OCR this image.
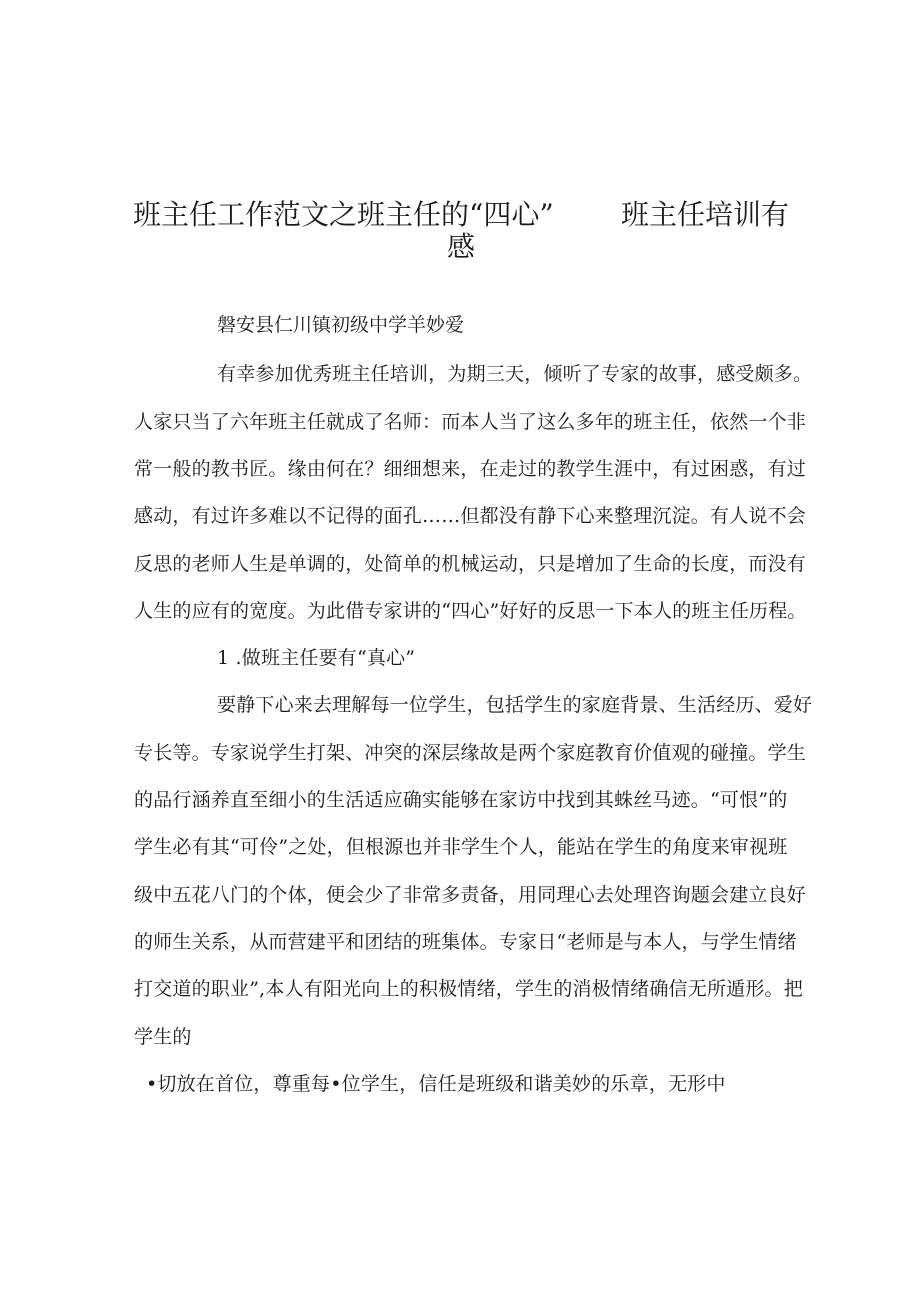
班主任工作范文之班主任的“四心” 班主任培训有
感
磐安县仁川镇初级中学羊妙爱
有幸参加优秀班主任培训，为期三天，倾听了专家的故事，感受颇多。
人家只当了六年班主任就成了名师：而本人当了这么多年的班主任，依然一个非
常一般的教书匠。缘由何在？细细想来，在走过的教学生涯中，有过困惑，有过
感动，有过许多难以不记得的面孔……但都没有静下心来整理沉淀。有人说不会
反思的老师人生是单调的，处简单的机械运动，只是增加了生命的长度，而没有
人生的应有的宽度。为此借专家讲的“四心”好好的反思一下本人的班主任历程。
1 .做班主任要有“真心”
要静下心来去理解每一位学生，包括学生的家庭背景、生活经历、爱好
专长等。专家说学生打架、冲突的深层缘故是两个家庭教育价值观的碰撞。学生
的品行涵养直至细小的生活适应确实能够在家访中找到其蛛丝马迹。“可恨”的
学生必有其“可伶”之处，但根源也并非学生个人，能站在学生的角度来审视班
级中五花八门的个体，便会少了非常多责备，用同理心去处理咨询题会建立良好
的师生关系，从而营建平和团结的班集体。专家日“老师是与本人，与学生情绪
打交道的职业”,本人有阳光向上的积极情绪，学生的消极情绪确信无所遁形。把
学生的
•切放在首位，尊重每•位学生，信任是班级和谐美妙的乐章，无形中
